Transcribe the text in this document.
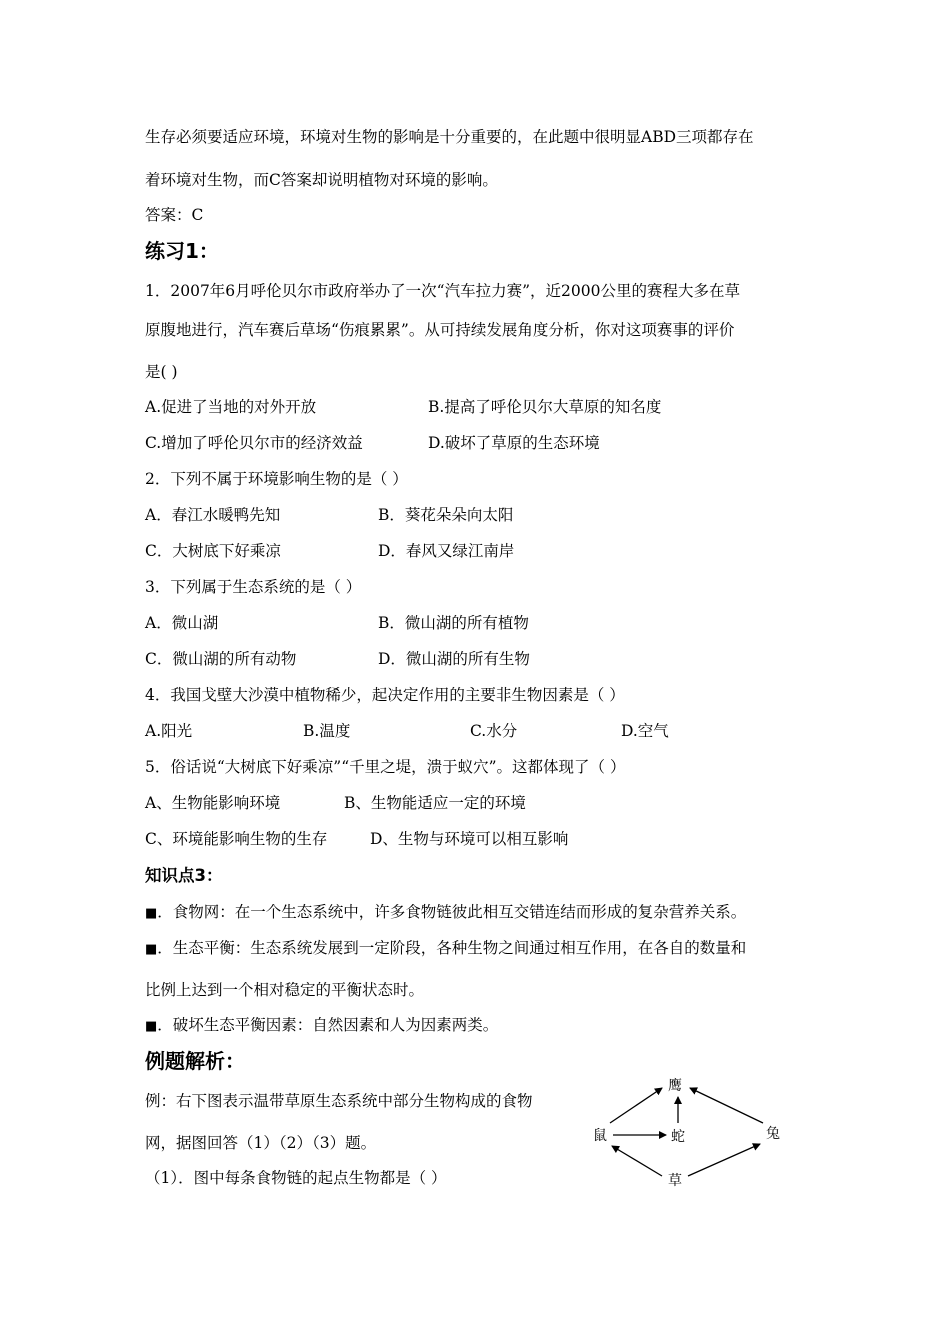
生存必须要适应环境，环境对生物的影响是十分重要的，在此题中很明显ABD三项都存在
着环境对生物，而C答案却说明植物对环境的影响。
答案：C
练习1：
1．2007年6月呼伦贝尔市政府举办了一次“汽车拉力赛”，近2000公里的赛程大多在草
原腹地进行，汽车赛后草场“伤痕累累”。从可持续发展角度分析，你对这项赛事的评价
是( )
A.促进了当地的对外开放	B.提高了呼伦贝尔大草原的知名度
C.增加了呼伦贝尔市的经济效益	D.破坏了草原的生态环境
2．下列不属于环境影响生物的是（ ）
A．春江水暖鸭先知	B．葵花朵朵向太阳
C．大树底下好乘凉	D．春风又绿江南岸
3．下列属于生态系统的是（ ）
A．微山湖	B．微山湖的所有植物
C．微山湖的所有动物	D．微山湖的所有生物
4．我国戈壁大沙漠中植物稀少，起决定作用的主要非生物因素是（ ）
A.阳光	B.温度	C.水分	D.空气
5．俗话说“大树底下好乘凉”“千里之堤，溃于蚁穴”。这都体现了（ ）
A、生物能影响环境	B、生物能适应一定的环境
C、环境能影响生物的生存	D、生物与环境可以相互影响
知识点3：
■．食物网：在一个生态系统中，许多食物链彼此相互交错连结而形成的复杂营养关系。
■．生态平衡：生态系统发展到一定阶段，各种生物之间通过相互作用，在各自的数量和
比例上达到一个相对稳定的平衡状态时。
■．破坏生态平衡因素：自然因素和人为因素两类。
例题解析：
例：右下图表示温带草原生态系统中部分生物构成的食物
网，据图回答（1）（2）（3）题。
（1）．图中每条食物链的起点生物都是（ ）
鹰
鼠	蛇	兔
草
